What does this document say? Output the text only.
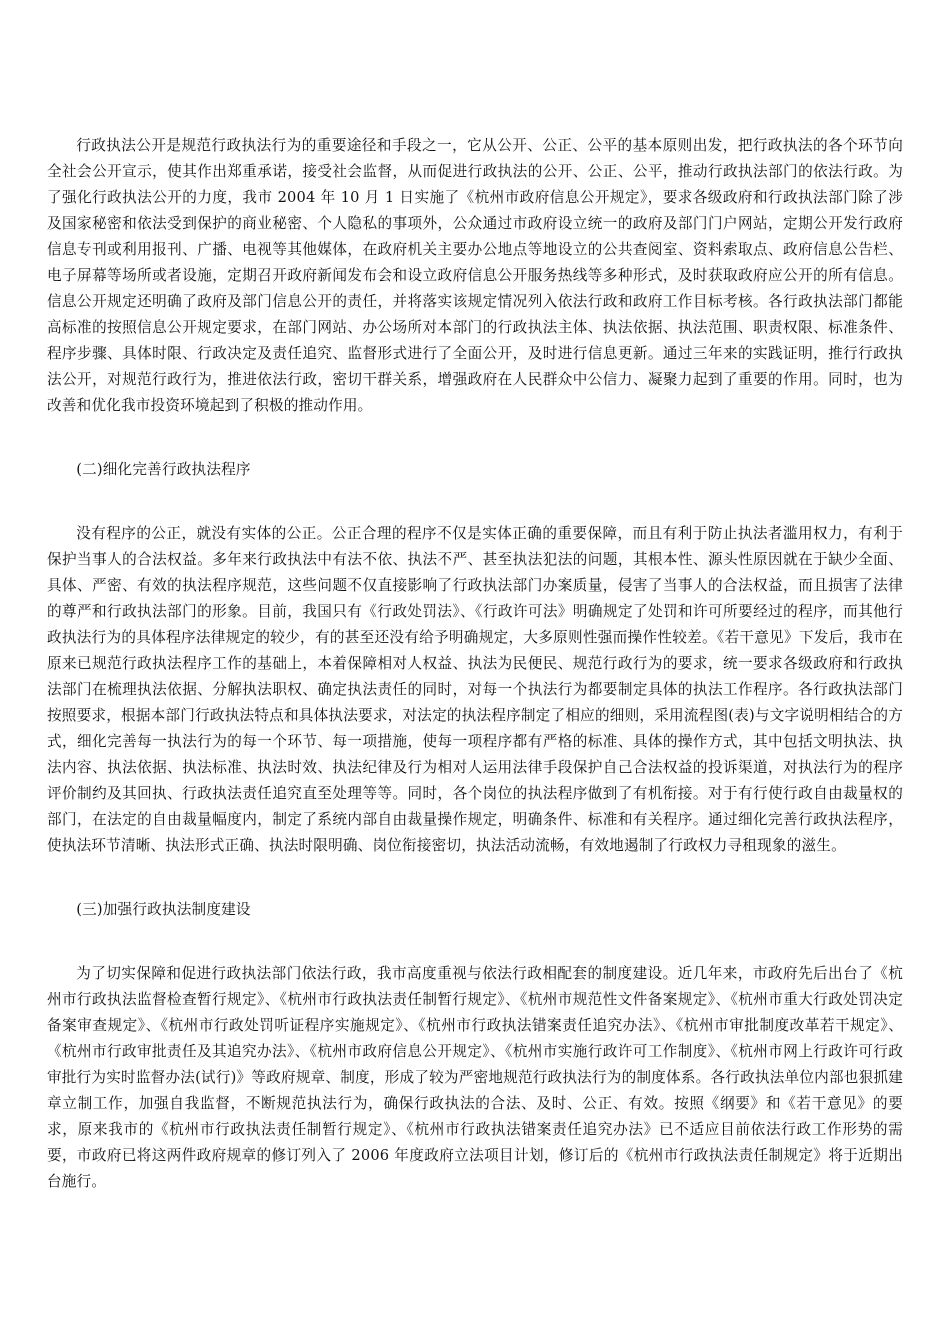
行政执法公开是规范行政执法行为的重要途径和手段之一，它从公开、公正、公平的基本原则出发，把行政执法的各个环节向全社会公开宣示，使其作出郑重承诺，接受社会监督，从而促进行政执法的公开、公正、公平，推动行政执法部门的依法行政。为了强化行政执法公开的力度，我市 2004 年 10 月 1 日实施了《杭州市政府信息公开规定》，要求各级政府和行政执法部门除了涉及国家秘密和依法受到保护的商业秘密、个人隐私的事项外，公众通过市政府设立统一的政府及部门门户网站，定期公开发行政府信息专刊或利用报刊、广播、电视等其他媒体，在政府机关主要办公地点等地设立的公共查阅室、资料索取点、政府信息公告栏、电子屏幕等场所或者设施，定期召开政府新闻发布会和设立政府信息公开服务热线等多种形式，及时获取政府应公开的所有信息。信息公开规定还明确了政府及部门信息公开的责任，并将落实该规定情况列入依法行政和政府工作目标考核。各行政执法部门都能高标准的按照信息公开规定要求，在部门网站、办公场所对本部门的行政执法主体、执法依据、执法范围、职责权限、标准条件、程序步骤、具体时限、行政决定及责任追究、监督形式进行了全面公开，及时进行信息更新。通过三年来的实践证明，推行行政执法公开，对规范行政行为，推进依法行政，密切干群关系，增强政府在人民群众中公信力、凝聚力起到了重要的作用。同时，也为改善和优化我市投资环境起到了积极的推动作用。

(二)细化完善行政执法程序

没有程序的公正，就没有实体的公正。公正合理的程序不仅是实体正确的重要保障，而且有利于防止执法者滥用权力，有利于保护当事人的合法权益。多年来行政执法中有法不依、执法不严、甚至执法犯法的问题，其根本性、源头性原因就在于缺少全面、具体、严密、有效的执法程序规范，这些问题不仅直接影响了行政执法部门办案质量，侵害了当事人的合法权益，而且损害了法律的尊严和行政执法部门的形象。目前，我国只有《行政处罚法》、《行政许可法》明确规定了处罚和许可所要经过的程序，而其他行政执法行为的具体程序法律规定的较少，有的甚至还没有给予明确规定，大多原则性强而操作性较差。《若干意见》下发后，我市在原来已规范行政执法程序工作的基础上，本着保障相对人权益、执法为民便民、规范行政行为的要求，统一要求各级政府和行政执法部门在梳理执法依据、分解执法职权、确定执法责任的同时，对每一个执法行为都要制定具体的执法工作程序。各行政执法部门按照要求，根据本部门行政执法特点和具体执法要求，对法定的执法程序制定了相应的细则，采用流程图(表)与文字说明相结合的方式，细化完善每一执法行为的每一个环节、每一项措施，使每一项程序都有严格的标准、具体的操作方式，其中包括文明执法、执法内容、执法依据、执法标准、执法时效、执法纪律及行为相对人运用法律手段保护自己合法权益的投诉渠道，对执法行为的程序评价制约及其回执、行政执法责任追究直至处理等等。同时，各个岗位的执法程序做到了有机衔接。对于有行使行政自由裁量权的部门，在法定的自由裁量幅度内，制定了系统内部自由裁量操作规定，明确条件、标准和有关程序。通过细化完善行政执法程序，使执法环节清晰、执法形式正确、执法时限明确、岗位衔接密切，执法活动流畅，有效地遏制了行政权力寻租现象的滋生。

(三)加强行政执法制度建设

为了切实保障和促进行政执法部门依法行政，我市高度重视与依法行政相配套的制度建设。近几年来，市政府先后出台了《杭州市行政执法监督检查暂行规定》、《杭州市行政执法责任制暂行规定》、《杭州市规范性文件备案规定》、《杭州市重大行政处罚决定备案审查规定》、《杭州市行政处罚听证程序实施规定》、《杭州市行政执法错案责任追究办法》、《杭州市审批制度改革若干规定》、《杭州市行政审批责任及其追究办法》、《杭州市政府信息公开规定》、《杭州市实施行政许可工作制度》、《杭州市网上行政许可行政审批行为实时监督办法(试行)》等政府规章、制度，形成了较为严密地规范行政执法行为的制度体系。各行政执法单位内部也狠抓建章立制工作，加强自我监督，不断规范执法行为，确保行政执法的合法、及时、公正、有效。按照《纲要》和《若干意见》的要求，原来我市的《杭州市行政执法责任制暂行规定》、《杭州市行政执法错案责任追究办法》已不适应目前依法行政工作形势的需要，市政府已将这两件政府规章的修订列入了 2006 年度政府立法项目计划，修订后的《杭州市行政执法责任制规定》将于近期出台施行。
